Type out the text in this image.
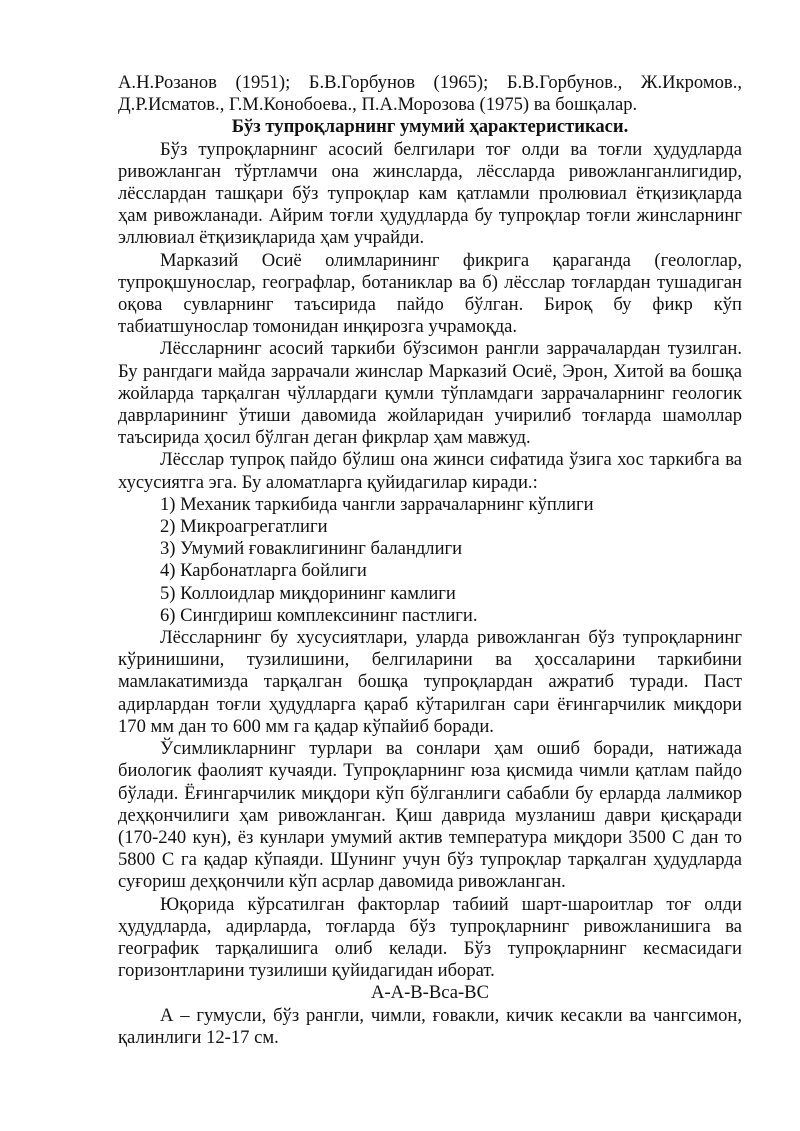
А.Н.Розанов (1951); Б.В.Горбунов (1965); Б.В.Горбунов., Ж.Икромов., Д.Р.Исматов., Г.М.Конобоева., П.А.Морозова (1975) ва бошқалар.

Бўз тупроқларнинг умумий ҳарактеристикаси.

Бўз тупроқларнинг асосий белгилари тоғ олди ва тоғли ҳудудларда ривожланган тўртламчи она жинсларда, лёссларда ривожланганлигидир, лёсслардан ташқари бўз тупроқлар кам қатламли пролювиал ётқизиқларда ҳам ривожланади. Айрим тоғли ҳудудларда бу тупроқлар тоғли жинсларнинг эллювиал ётқизиқларида ҳам учрайди.

Марказий Осиё олимларининг фикрига қараганда (геологлар, тупроқшунослар, географлар, ботаниклар ва б) лёсслар тоғлардан тушадиган оқова сувларнинг таъсирида пайдо бўлган. Бироқ бу фикр кўп табиатшунослар томонидан инқирозга учрамоқда.

Лёссларнинг асосий таркиби бўзсимон рангли заррачалардан тузилган. Бу рангдаги майда заррачали жинслар Марказий Осиё, Эрон, Хитой ва бошқа жойларда тарқалган чўллардаги қумли тўпламдаги заррачаларнинг геологик даврларининг ўтиши давомида жойларидан учирилиб тоғларда шамоллар таъсирида ҳосил бўлган деган фикрлар ҳам мавжуд.

Лёсслар тупроқ пайдо бўлиш она жинси сифатида ўзига хос таркибга ва хусусиятга эга. Бу аломатларга қуйидагилар киради.:

1) Механик таркибида чангли заррачаларнинг кўплиги
2) Микроагрегатлиги
3) Умумий ғоваклигининг баландлиги
4) Карбонатларга бойлиги
5) Коллоидлар миқдорининг камлиги
6) Сингдириш комплексининг пастлиги.

Лёссларнинг бу хусусиятлари, уларда ривожланган бўз тупроқларнинг кўринишини, тузилишини, белгиларини ва ҳоссаларини таркибини мамлакатимизда тарқалган бошқа тупроқлардан ажратиб туради. Паст адирлардан тоғли ҳудудларга қараб кўтарилган сари ёғингарчилик миқдори 170 мм дан то 600 мм га қадар кўпайиб боради.

Ўсимликларнинг турлари ва сонлари ҳам ошиб боради, натижада биологик фаолият кучаяди. Тупроқларнинг юза қисмида чимли қатлам пайдо бўлади. Ёғингарчилик миқдори кўп бўлганлиги сабабли бу ерларда лалмикор деҳқончилиги ҳам ривожланган. Қиш даврида музланиш даври қисқаради (170-240 кун), ёз кунлари умумий актив температура миқдори 3500 С дан то 5800 С га қадар кўпаяди. Шунинг учун бўз тупроқлар тарқалган ҳудудларда суғориш деҳқончили кўп асрлар давомида ривожланган.

Юқорида кўрсатилган факторлар табиий шарт-шароитлар тоғ олди ҳудудларда, адирларда, тоғларда бўз тупроқларнинг ривожланишига ва географик тарқалишига олиб келади. Бўз тупроқларнинг кесмасидаги горизонтларини тузилиши қуйидагидан иборат.

А-А-В-Вса-ВС

А – гумусли, бўз рангли, чимли, ғовакли, кичик кесакли ва чангсимон, қалинлиги 12-17 см.
